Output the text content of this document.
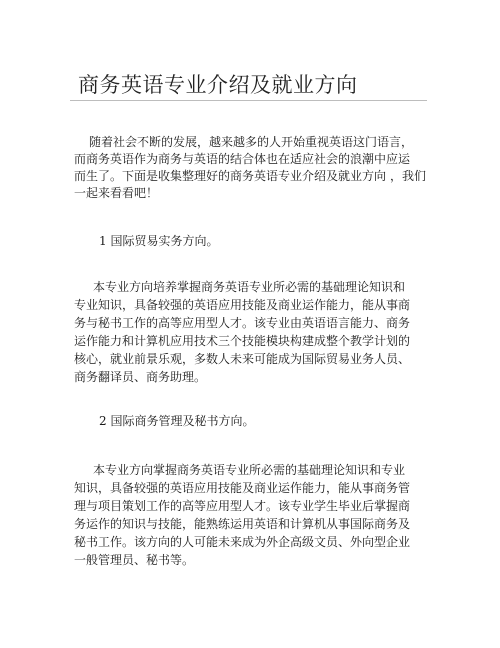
商务英语专业介绍及就业方向
随着社会不断的发展，越来越多的人开始重视英语这门语言，
而商务英语作为商务与英语的结合体也在适应社会的浪潮中应运
而生了。下面是收集整理好的商务英语专业介绍及就业方向 ，我们
一起来看看吧！
1 国际贸易实务方向。
本专业方向培养掌握商务英语专业所必需的基础理论知识和
专业知识，具备较强的英语应用技能及商业运作能力，能从事商
务与秘书工作的高等应用型人才。该专业由英语语言能力、商务
运作能力和计算机应用技术三个技能模块构建成整个教学计划的
核心，就业前景乐观，多数人未来可能成为国际贸易业务人员、
商务翻译员、商务助理。
2 国际商务管理及秘书方向。
本专业方向掌握商务英语专业所必需的基础理论知识和专业
知识，具备较强的英语应用技能及商业运作能力，能从事商务管
理与项目策划工作的高等应用型人才。该专业学生毕业后掌握商
务运作的知识与技能，能熟练运用英语和计算机从事国际商务及
秘书工作。该方向的人可能未来成为外企高级文员、外向型企业
一般管理员、秘书等。
